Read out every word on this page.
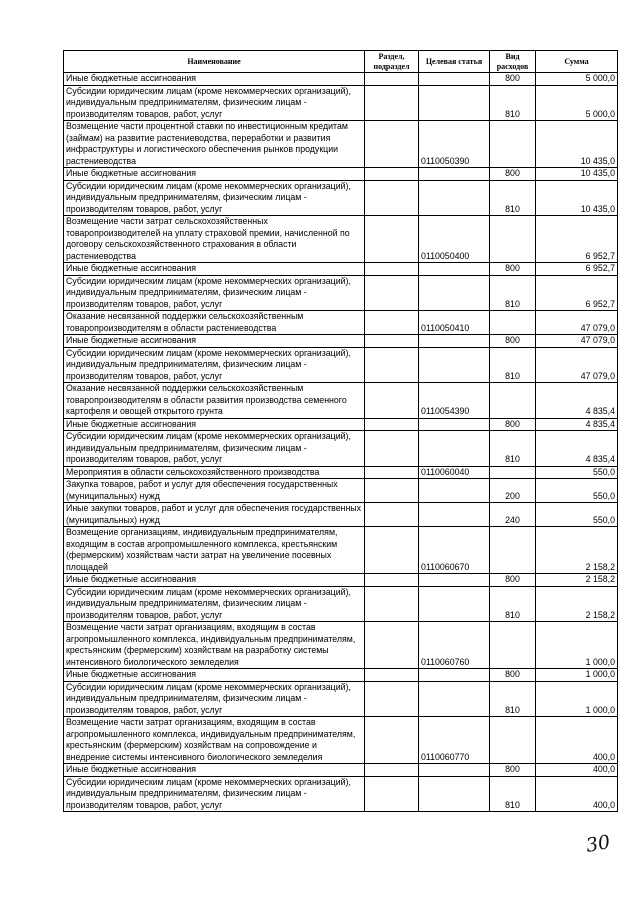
Наименование	Раздел, подраздел	Целевая статья	Вид расходов	Сумма
Иные бюджетные ассигнования			800	5 000,0
Субсидии юридическим лицам (кроме некоммерческих организаций), индивидуальным предпринимателям, физическим лицам - производителям товаров, работ, услуг			810	5 000,0
Возмещение части процентной ставки по инвестиционным кредитам (займам) на развитие растениеводства, переработки и развития инфраструктуры и логистического обеспечения рынков продукции растениеводства		0110050390		10 435,0
Иные бюджетные ассигнования			800	10 435,0
Субсидии юридическим лицам (кроме некоммерческих организаций), индивидуальным предпринимателям, физическим лицам - производителям товаров, работ, услуг			810	10 435,0
Возмещение части затрат сельскохозяйственных товаропроизводителей на уплату страховой премии, начисленной по договору сельскохозяйственного страхования в области растениеводства		0110050400		6 952,7
Иные бюджетные ассигнования			800	6 952,7
Субсидии юридическим лицам (кроме некоммерческих организаций), индивидуальным предпринимателям, физическим лицам - производителям товаров, работ, услуг			810	6 952,7
Оказание несвязанной поддержки сельскохозяйственным товаропроизводителям в области растениеводства		0110050410		47 079,0
Иные бюджетные ассигнования			800	47 079,0
Субсидии юридическим лицам (кроме некоммерческих организаций), индивидуальным предпринимателям, физическим лицам - производителям товаров, работ, услуг			810	47 079,0
Оказание несвязанной поддержки сельскохозяйственным товаропроизводителям в области развития производства семенного картофеля и овощей открытого грунта		0110054390		4 835,4
Иные бюджетные ассигнования			800	4 835,4
Субсидии юридическим лицам (кроме некоммерческих организаций), индивидуальным предпринимателям, физическим лицам - производителям товаров, работ, услуг			810	4 835,4
Мероприятия в области сельскохозяйственного производства		0110060040		550,0
Закупка товаров, работ и услуг для обеспечения государственных (муниципальных) нужд			200	550,0
Иные закупки товаров, работ и услуг для обеспечения государственных (муниципальных) нужд			240	550,0
Возмещение организациям, индивидуальным предпринимателям, входящим в состав агропромышленного комплекса, крестьянским (фермерским) хозяйствам части затрат на увеличение посевных площадей		0110060670		2 158,2
Иные бюджетные ассигнования			800	2 158,2
Субсидии юридическим лицам (кроме некоммерческих организаций), индивидуальным предпринимателям, физическим лицам - производителям товаров, работ, услуг			810	2 158,2
Возмещение части затрат организациям, входящим в состав агропромышленного комплекса, индивидуальным предпринимателям, крестьянским (фермерским) хозяйствам на разработку системы интенсивного биологического земледелия		0110060760		1 000,0
Иные бюджетные ассигнования			800	1 000,0
Субсидии юридическим лицам (кроме некоммерческих организаций), индивидуальным предпринимателям, физическим лицам - производителям товаров, работ, услуг			810	1 000,0
Возмещение части затрат организациям, входящим в состав агропромышленного комплекса, индивидуальным предпринимателям, крестьянским (фермерским) хозяйствам на сопровождение и внедрение системы интенсивного биологического земледелия		0110060770		400,0
Иные бюджетные ассигнования			800	400,0
Субсидии юридическим лицам (кроме некоммерческих организаций), индивидуальным предпринимателям, физическим лицам - производителям товаров, работ, услуг			810	400,0
30
